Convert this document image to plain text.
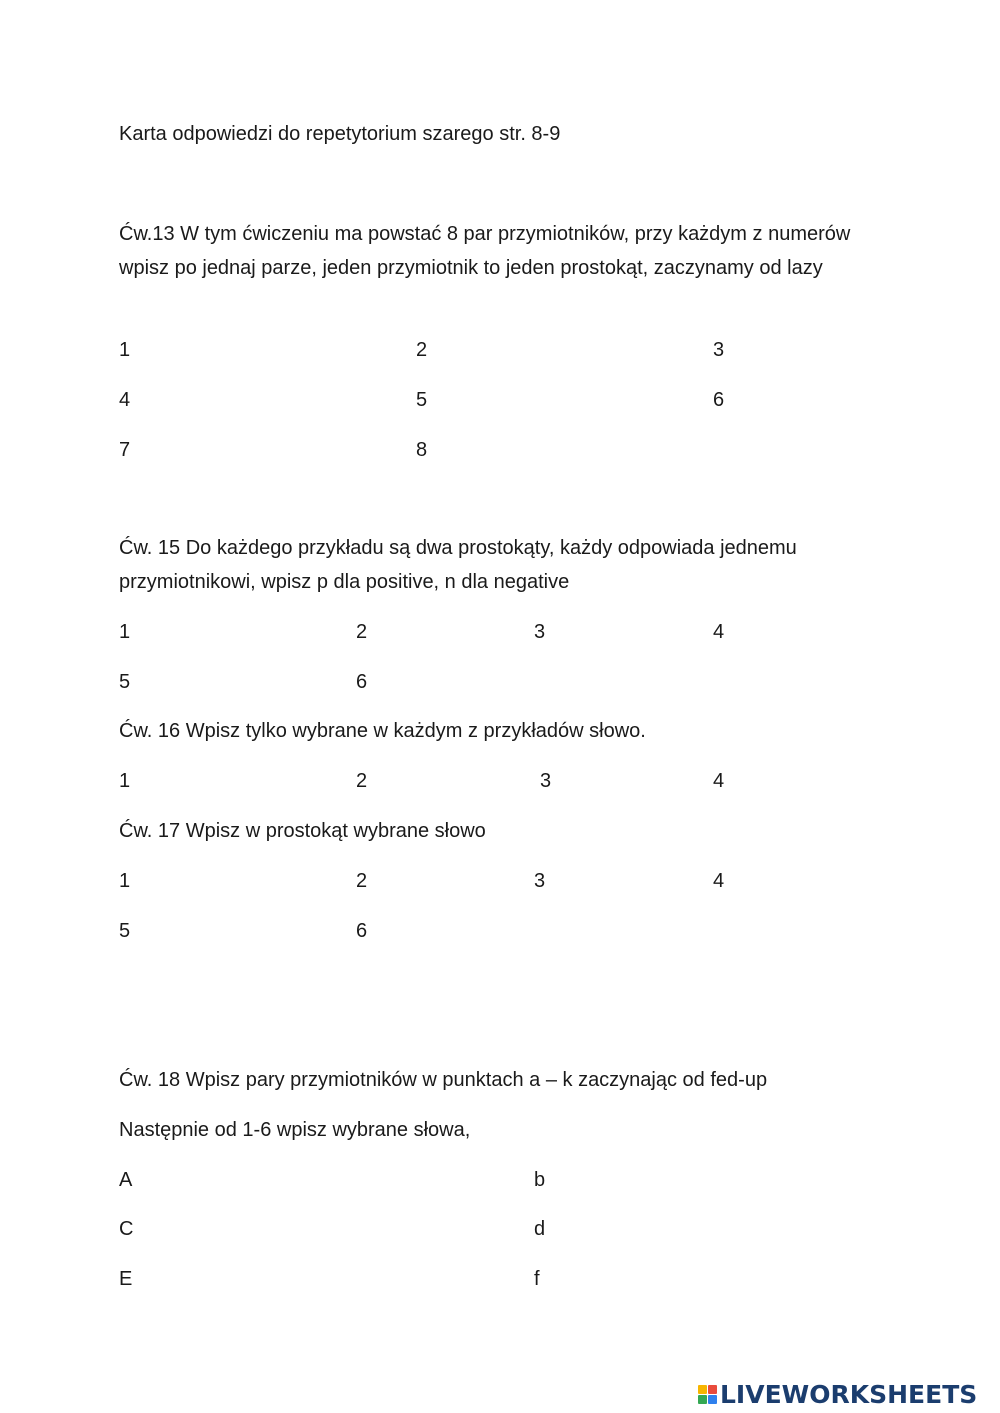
Karta odpowiedzi do repetytorium szarego str. 8-9
Ćw.13 W tym ćwiczeniu ma powstać 8 par przymiotników, przy każdym z numerów wpisz po jednaj parze, jeden przymiotnik to jeden prostokąt, zaczynamy od lazy
1	2	3
4	5	6
7	8
Ćw. 15 Do każdego przykładu są dwa prostokąty, każdy odpowiada jednemu przymiotnikowi, wpisz p dla positive, n dla negative
1	2	3	4
5	6
Ćw. 16 Wpisz tylko wybrane w każdym z przykładów słowo.
1	2	3	4
Ćw. 17 Wpisz w prostokąt wybrane słowo
1	2	3	4
5	6
Ćw. 18 Wpisz pary przymiotników w punktach a – k zaczynając od fed-up
Następnie od 1-6 wpisz wybrane słowa,
A	b
C	d
E	f
LIVEWORKSHEETS
